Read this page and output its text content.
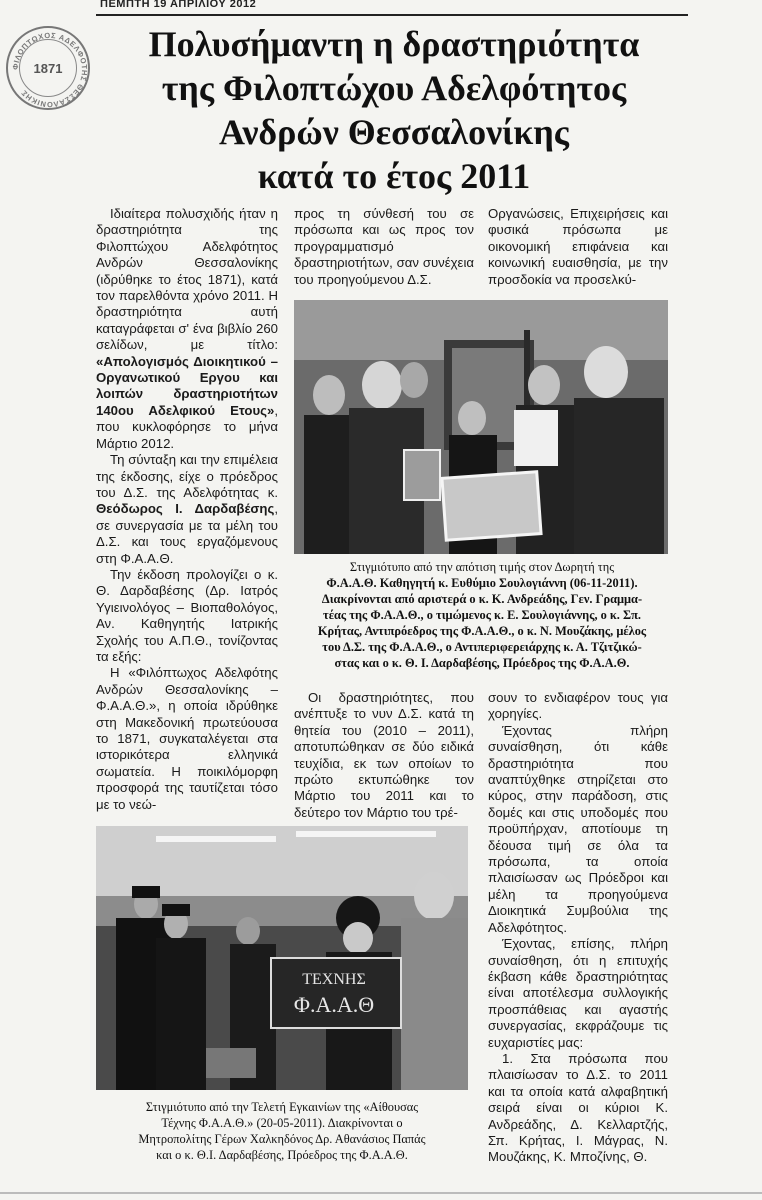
ΠΕΜΠΤΗ 19 ΑΠΡΙΛΙΟΥ 2012
ΦΙΛΟΠΤΩΧΟΣ ΑΔΕΛΦΟΤΗΣ ΘΕΣΣΑΛΟΝΙΚΗΣ
1871
Πολυσήμαντη η δραστηριότητα
της Φιλοπτώχου Αδελφότητος
Ανδρών Θεσσαλονίκης
κατά το έτος 2011

Ιδιαίτερα πολυσχιδής ήταν η δραστηριότητα της Φιλοπτώχου Αδελφότητος Ανδρών Θεσσαλονίκης (ιδρύθηκε το έτος 1871), κατά τον παρελθόντα χρόνο 2011. Η δραστηριότητα αυτή καταγράφεται σ' ένα βιβλίο 260 σελίδων, με τίτλο: «Απολογισμός Διοικητικού – Οργανωτικού Εργου και λοιπών δραστηριοτήτων 140ου Αδελφικού Ετους», που κυκλοφόρησε το μήνα Μάρτιο 2012.

Τη σύνταξη και την επιμέλεια της έκδοσης, είχε ο πρόεδρος του Δ.Σ. της Αδελφότητας κ. Θεόδωρος Ι. Δαρδαβέσης, σε συνεργασία με τα μέλη του Δ.Σ. και τους εργαζόμενους στη Φ.Α.Α.Θ.

Την έκδοση προλογίζει ο κ. Θ. Δαρδαβέσης (Δρ. Ιατρός Υγιεινολόγος – Βιοπαθολόγος, Αν. Καθηγητής Ιατρικής Σχολής του Α.Π.Θ., τονίζοντας τα εξής:

Η «Φιλόπτωχος Αδελφότης Ανδρών Θεσσαλονίκης – Φ.Α.Α.Θ.», η οποία ιδρύθηκε στη Μακεδονική πρωτεύουσα το 1871, συγκαταλέγεται στα ιστορικότερα ελληνικά σωματεία. Η ποικιλόμορφη προσφορά της ταυτίζεται τόσο με το νεώ-

προς τη σύνθεσή του σε πρόσωπα και ως προς τον προγραμματισμό δραστηριοτήτων, σαν συνέχεια του προηγούμενου Δ.Σ.

Οργανώσεις, Επιχειρήσεις και φυσικά πρόσωπα με οικονομική επιφάνεια και κοινωνική ευαισθησία, με την προσδοκία να προσελκύ-

Στιγμιότυπο από την απότιση τιμής στον Δωρητή της
Φ.Α.Α.Θ. Καθηγητή κ. Ευθύμιο Σουλογιάννη (06-11-2011).
Διακρίνονται από αριστερά ο κ. Κ. Ανδρεάδης, Γεν. Γραμμα-
τέας της Φ.Α.Α.Θ., ο τιμώμενος κ. Ε. Σουλογιάννης, ο κ. Σπ.
Κρήτας, Αντιπρόεδρος της Φ.Α.Α.Θ., ο κ. Ν. Μουζάκης, μέλος
του Δ.Σ. της Φ.Α.Α.Θ., ο Αντιπεριφερειάρχης κ. Α. Τζιτζικώ-
στας και ο κ. Θ. Ι. Δαρδαβέσης, Πρόεδρος της Φ.Α.Α.Θ.

Οι δραστηριότητες, που ανέπτυξε το νυν Δ.Σ. κατά τη θητεία του (2010 – 2011), αποτυπώθηκαν σε δύο ειδικά τευχίδια, εκ των οποίων το πρώτο εκτυπώθηκε τον Μάρτιο του 2011 και το δεύτερο τον Μάρτιο του τρέ-

σουν το ενδιαφέρον τους για χορηγίες.

Έχοντας πλήρη συναίσθηση, ότι κάθε δραστηριότητα που αναπτύχθηκε στηρίζεται στο κύρος, στην παράδοση, στις δομές και στις υποδομές που προϋπήρχαν, αποτίουμε τη δέουσα τιμή σε όλα τα πρόσωπα, τα οποία πλαισίωσαν ως Πρόεδροι και μέλη τα προηγούμενα Διοικητικά Συμβούλια της Αδελφότητος.

Έχοντας, επίσης, πλήρη συναίσθηση, ότι η επιτυχής έκβαση κάθε δραστηριότητας είναι αποτέλεσμα συλλογικής προσπάθειας και αγαστής συνεργασίας, εκφράζουμε τις ευχαριστίες μας:

1. Στα πρόσωπα που πλαισίωσαν το Δ.Σ. το 2011 και τα οποία κατά αλφαβητική σειρά είναι οι κύριοι Κ. Ανδρεάδης, Δ. Κελλαρτζής, Σπ. Κρήτας, Ι. Μάγρας, Ν. Μουζάκης, Κ. Μποζίνης, Θ.

ΤΕΧΝΗΣ
Φ.Α.Α.Θ
Στιγμιότυπο από την Τελετή Εγκαινίων της «Αίθουσας
Τέχνης Φ.Α.Α.Θ.» (20-05-2011). Διακρίνονται ο
Μητροπολίτης Γέρων Χαλκηδόνος Δρ. Αθανάσιος Παπάς
και ο κ. Θ.Ι. Δαρδαβέσης, Πρόεδρος της Φ.Α.Α.Θ.
